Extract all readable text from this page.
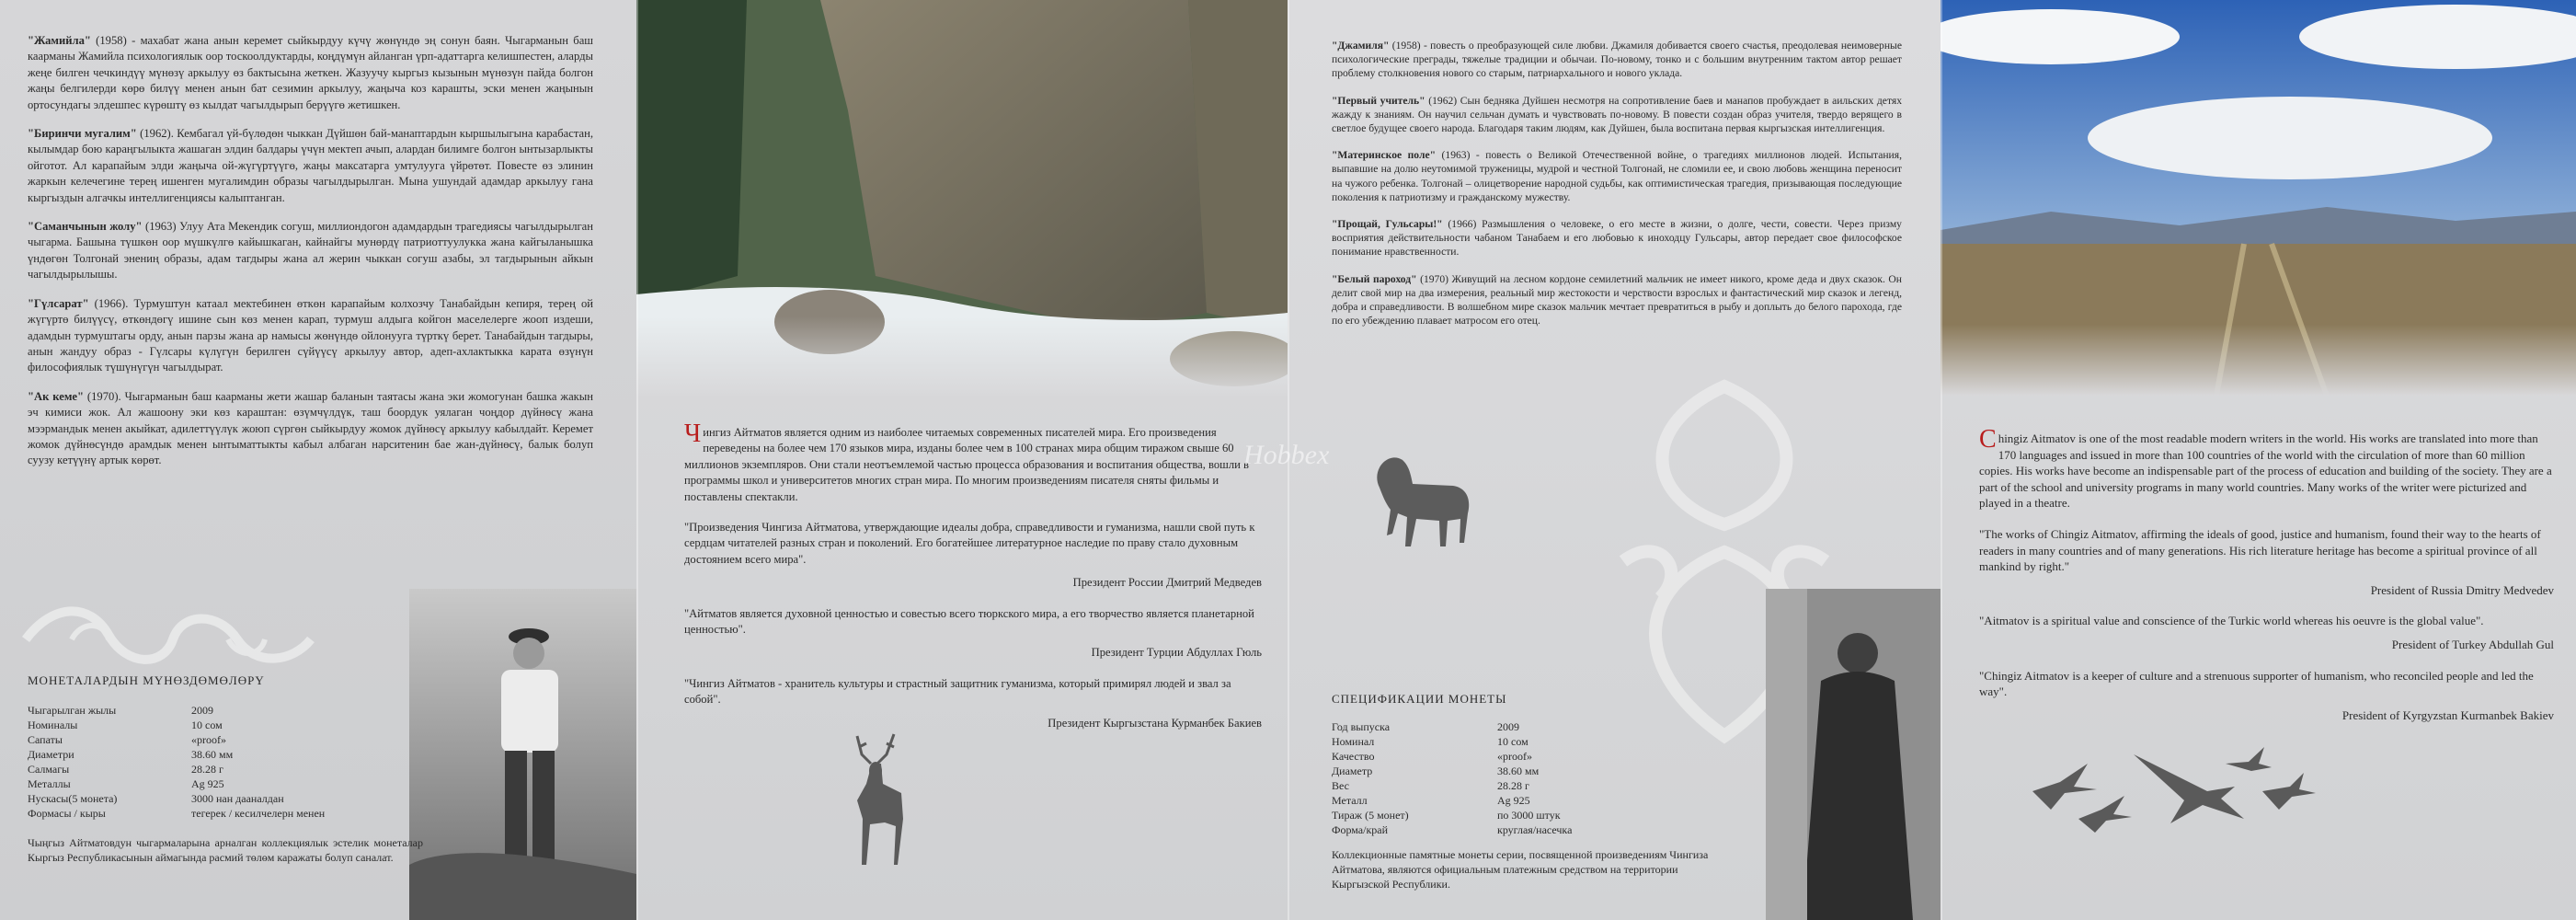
"Жамийла" (1958) - махабат жана анын керемет сыйкырдуу күчү жөнүндө эң сонун баян. Чыгарманын баш каарманы Жамийла психологиялык оор тоскоолдуктарды, коңдүмүн айланган үрп-адаттарга келишпестен, аларды жеңе билген чечкиндүү мүнөзү аркылуу өз бактысына жеткен. Жазуучу кыргыз кызынын мүнөзүн пайда болгон жаңы белгилерди көрө билүү менен анын бат сезимин аркылуу, жаңыча коз карашты, эски менен жаңынын ортосундагы элдешпес күрөштү өз кылдат чагылдырып берүүгө жетишкен.

"Биринчи мугалим" (1962). Кембагал үй-бүлөдөн чыккан Дүйшөн бай-манаптардын кыршылыгына карабастан, кылымдар бою караңгылыкта жашаган элдин балдары үчүн мектеп ачып, алардан билимге болгон ынтызарлыкты ойготот. Ал карапайым элди жаңыча ой-жүгүртүүгө, жаңы максатарга умтулууга үйрөтөт. Повесте өз элинин жаркын келечегине терең ишенген мугалимдин образы чагылдырылган. Мына ушундай адамдар аркылуу гана кыргыздын алгачкы интеллигенциясы калыптанган.

"Саманчынын жолу" (1963) Улуу Ата Мекендик согуш, миллиондогон адамдардын трагедиясы чагылдырылган чыгарма. Башына түшкөн оор мүшкүлгө кайышкаган, кайнайгы мунөрдү патриоттуулукка жана кайгыланышка үндөгөн Толгонай энениң образы, адам тагдыры жана ал жерин чыккан согуш азабы, эл тагдырынын айкын чагылдырылышы.

"Гүлсарат" (1966). Турмуштун катаал мектебинен өткөн карапайым колхозчу Танабайдын кепиря, терең ой жүгүртө билүүсү, өткөндөгү ишине сын көз менен карап, турмуш алдыга койгон маселелерге жооп издеши, адамдын турмуштагы орду, анын парзы жана ар намысы жөнүндө ойлонууга түрткү берет. Танабайдын тагдыры, анын жандуу образ - Гүлсары күлүгүн берилген сүйүүсү аркылуу автор, адеп-ахлактыкка карата өзүнүн философиялык түшүнүгүн чагылдырат.

"Ак кеме" (1970). Чыгарманын баш каарманы жети жашар баланын таятасы жана эки жомогунан башка жакын эч кимиси жок. Ал жашоону эки көз караштан: өзүмчүлдүк, таш боордук уялаган чоңдор дүйнөсү жана мээрмандык менен акыйкат, адилеттүүлүк жоюп сүргөн сыйкырдуу жомок дүйнөсү аркылуу кабылдайт. Керемет жомок дүйнөсүндө арамдык менен ынтыматтыкты кабыл албаган нарситенин бае жан-дүйнөсү, балык болуп суузу кетүүнү артык көрөт.

МОНЕТАЛАРДЫН МҮНӨЗДӨМӨЛӨРҮ
Чыгарылган жылы	2009
Номиналы	10 сом
Сапаты	«proof»
Диаметри	38.60 мм
Салмагы	28.28 г
Металлы	Ag 925
Нускасы(5 монета)	3000 нан дааналдан
Формасы / кыры	тегерек / кесилчелерн менен
Чыңгыз Айтматовдун чыгармаларына арналган коллекциялык эстелик монеталар Кыргыз Республикасынын аймагында расмий төлөм каражаты болуп саналат.

Чингиз Айтматов является одним из наиболее читаемых современных писателей мира. Его произведения переведены на более чем 170 языков мира, изданы более чем в 100 странах мира общим тиражом свыше 60 миллионов экземпляров. Они стали неотъемлемой частью процесса образования и воспитания общества, вошли в программы школ и университетов многих стран мира. По многим произведениям писателя сняты фильмы и поставлены спектакли.

"Произведения Чингиза Айтматова, утверждающие идеалы добра, справедливости и гуманизма, нашли свой путь к сердцам читателей разных стран и поколений. Его богатейшее литературное наследие по праву стало духовным достоянием всего мира".

Президент России Дмитрий Медведев

"Айтматов является духовной ценностью и совестью всего тюркского мира, а его творчество является планетарной ценностью".

Президент Турции Абдуллах Гюль

"Чингиз Айтматов - хранитель культуры и страстный защитник гуманизма, который примирял людей и звал за собой".

Президент Кыргызстана Курманбек Бакиев

"Джамиля" (1958) - повесть о преобразующей силе любви. Джамиля добивается своего счастья, преодолевая неимоверные психологические преграды, тяжелые традиции и обычаи. По-новому, тонко и с большим внутренним тактом автор решает проблему столкновения нового со старым, патриархального и нового уклада.

"Первый учитель" (1962) Сын бедняка Дуйшен несмотря на сопротивление баев и манапов пробуждает в аильских детях жажду к знаниям. Он научил сельчан думать и чувствовать по-новому. В повести создан образ учителя, твердо верящего в светлое будущее своего народа. Благодаря таким людям, как Дуйшен, была воспитана первая кыргызская интеллигенция.

"Материнское поле" (1963) - повесть о Великой Отечественной войне, о трагедиях миллионов людей. Испытания, выпавшие на долю неутомимой труженицы, мудрой и честной Толгонай, не сломили ее, и свою любовь женщина переносит на чужого ребенка. Толгонай – олицетворение народной судьбы, как оптимистическая трагедия, призывающая последующие поколения к патриотизму и гражданскому мужеству.

"Прощай, Гульсары!" (1966) Размышления о человеке, о его месте в жизни, о долге, чести, совести. Через призму восприятия действительности чабаном Танабаем и его любовью к иноходцу Гульсары, автор передает свое философское понимание нравственности.

"Белый пароход" (1970) Живущий на лесном кордоне семилетний мальчик не имеет никого, кроме деда и двух сказок. Он делит свой мир на два измерения, реальный мир жестокости и черствости взрослых и фантастический мир сказок и легенд, добра и справедливости. В волшебном мире сказок мальчик мечтает превратиться в рыбу и доплыть до белого парохода, где по его убеждению плавает матросом его отец.

СПЕЦИФИКАЦИИ МОНЕТЫ
Год выпуска	2009
Номинал	10 сом
Качество	«proof»
Диаметр	38.60 мм
Вес	28.28 г
Металл	Ag 925
Тираж (5 монет)	по 3000 штук
Форма/край	круглая/насечка
Коллекционные памятные монеты серии, посвященной произведениям Чингиза Айтматова, являются официальным платежным средством на территории Кыргызской Республики.

Chingiz Aitmatov is one of the most readable modern writers in the world. His works are translated into more than 170 languages and issued in more than 100 countries of the world with the circulation of more than 60 million copies. His works have become an indispensable part of the process of education and building of the society. They are a part of the school and university programs in many world countries. Many works of the writer were picturized and played in a theatre.

"The works of Chingiz Aitmatov, affirming the ideals of good, justice and humanism, found their way to the hearts of readers in many countries and of many generations. His rich literature heritage has become a spiritual province of all mankind by right."

President of Russia Dmitry Medvedev

"Aitmatov is a spiritual value and conscience of the Turkic world whereas his oeuvre is the global value".

President of Turkey Abdullah Gul

"Chingiz Aitmatov is a keeper of culture and a strenuous supporter of humanism, who reconciled people and led the way".

President of Kyrgyzstan Kurmanbek Bakiev
Hobbex
